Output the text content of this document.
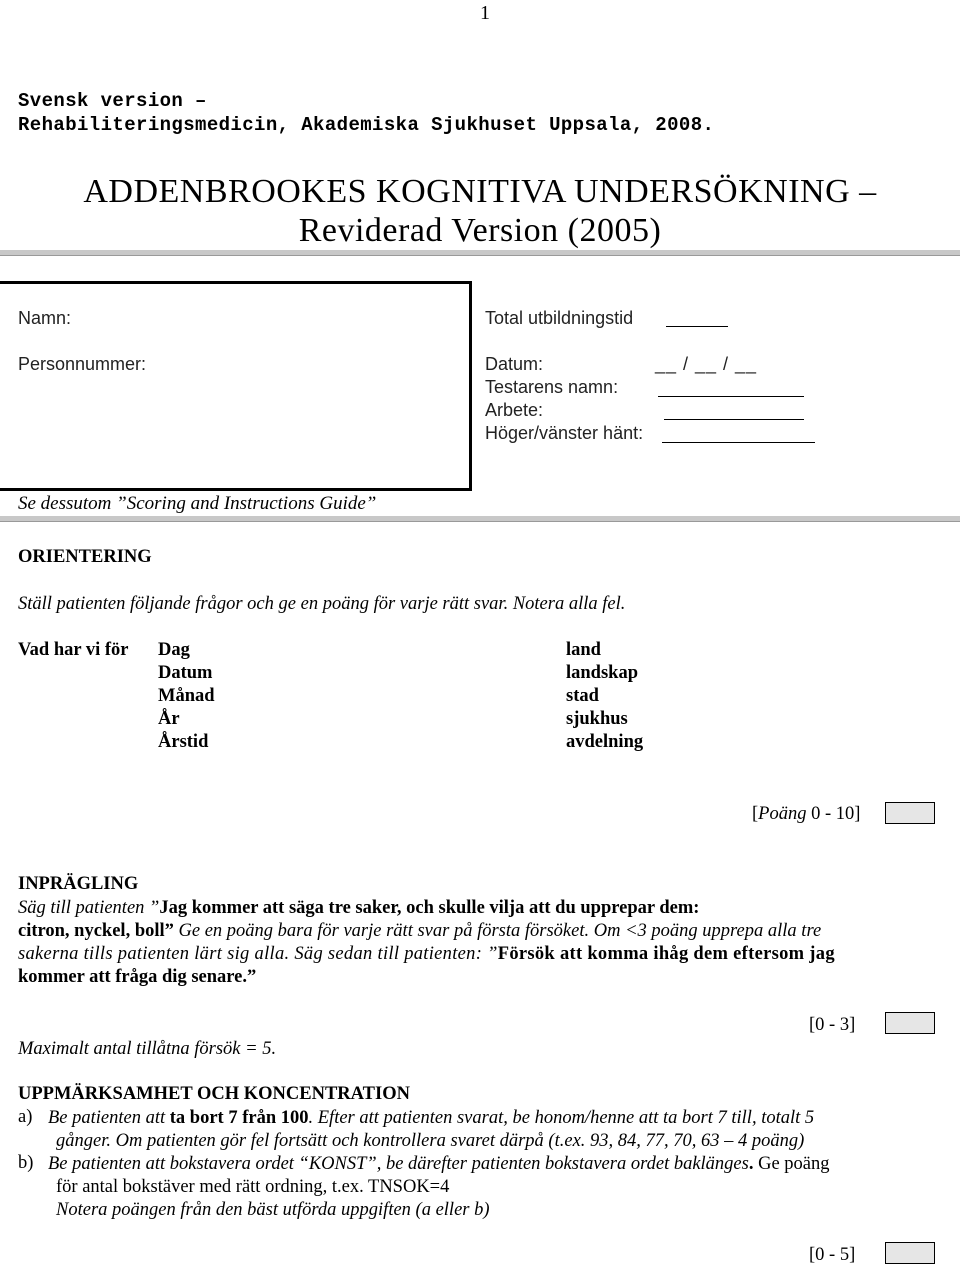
1
Svensk version –
Rehabiliteringsmedicin, Akademiska Sjukhuset Uppsala, 2008.
ADDENBROOKES KOGNITIVA UNDERSÖKNING –
Reviderad Version (2005)
Namn:
Personnummer:
Total utbildningstid
Datum:	__ / __ / __
Testarens namn:
Arbete:
Höger/vänster hänt:
Se dessutom ”Scoring and Instructions Guide”
ORIENTERING
Ställ patienten följande frågor och ge en poäng för varje rätt svar. Notera alla fel.
Vad har vi för Dag
Datum
Månad
År
Årstid
land
landskap
stad
sjukhus
avdelning
[Poäng 0 - 10]
INPRÄGLING
Säg till patienten ”Jag kommer att säga tre saker, och skulle vilja att du upprepar dem:
citron, nyckel, boll” Ge en poäng bara för varje rätt svar på första försöket. Om <3 poäng upprepa alla tre
sakerna tills patienten lärt sig alla. Säg sedan till patienten: ”Försök att komma ihåg dem eftersom jag
kommer att fråga dig senare.”
[0 - 3]
Maximalt antal tillåtna försök = 5.
UPPMÄRKSAMHET OCH KONCENTRATION
a) Be patienten att ta bort 7 från 100. Efter att patienten svarat, be honom/henne att ta bort 7 till, totalt 5
gånger. Om patienten gör fel fortsätt och kontrollera svaret därpå (t.ex. 93, 84, 77, 70, 63 – 4 poäng)
b) Be patienten att bokstavera ordet “KONST”, be därefter patienten bokstavera ordet baklänges. Ge poäng
för antal bokstäver med rätt ordning, t.ex. TNSOK=4
Notera poängen från den bäst utförda uppgiften (a eller b)
[0 - 5]
